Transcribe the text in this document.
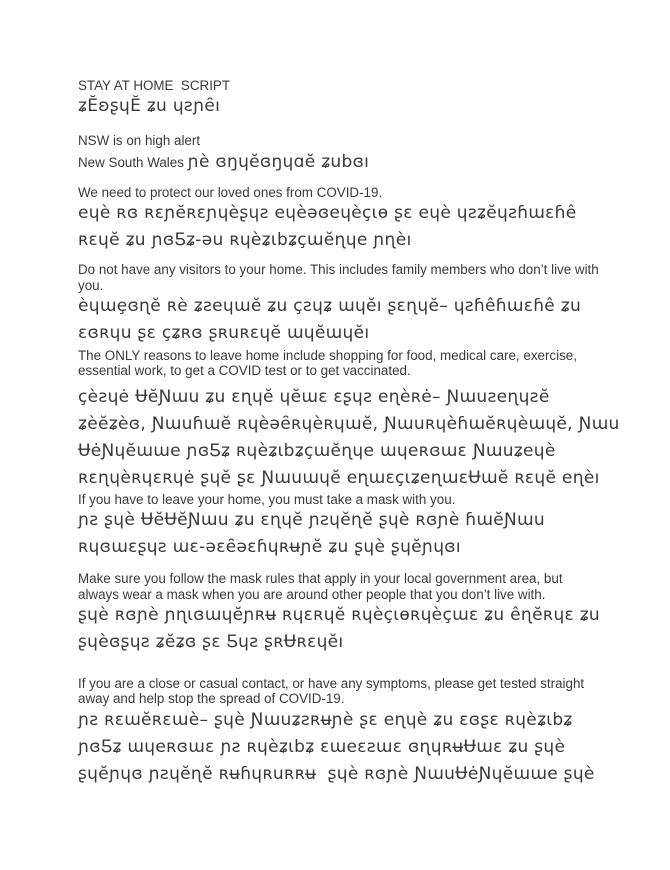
STAY AT HOME  SCRIPT
ʑĔʚʂɥĔ ʑu ɥƨɲȇı
NSW is on high alert
New South Wales ɲè ɞŋɥĕɞŋɥɑĕ ʑubɞı
We need to protect our loved ones from COVID-19.
eɥè ʀɞ ʀɛɲĕʀɛɲɥèʂɥƨ eɥèǝɞeɥèçɩɵ ʂɛ eɥè ɥƨʑĕɥƨɦɯɛɦê
ʀɛɥĕ ʑu ɲɞƼʑ-ǝu ʀɥèʑɩbʑçɯĕɳɥe ɲɳèı
Do not have any visitors to your home. This includes family members who don’t live with
you.
èɥɯȩɞɳĕ ʀè ʑƨeɥɯĕ ʑu çƨɥʑ ɯɥĕı ʂɛɳɥĕ– ɥƨɦêɦɯɛɦê ʑu
ɛɞʀɥu ʂɛ çʑʀɞ ʂʀuʀɛɥĕ ɯɥĕɯɥĕı
The ONLY reasons to leave home include shopping for food, medical care, exercise,
essential work, to get a COVID test or to get vaccinated.
çèƨɥė ɄĕƝɯu ʑu ɛɳɥĕ ɥĕɯɛ ɛʂɥƨ eɳèʀė– Ɲɯuƨeɳɥƨĕ
ʑèĕʑèɞ, Ɲɯuɦɯĕ ʀɥèǝȇʀɥèʀɥɯĕ, Ɲɯuʀɥèɦɯĕʀɥèɯɥĕ, Ɲɯu
ɄėƝɥĕɯɯe ɲɞƼʑ ʀɥèʑɩbʑçɯĕɳɥe ɯɥeʀɞɯɛ Ɲɯuʑeɥè
ʀɛɳɥèʀɥɛʀɥė ʂɥĕ ʂɛ Ɲɯuɯɥĕ eɳɯɛçɩʑeɳɯɛɄɯĕ ʀɛɥĕ eɳèı
If you have to leave your home, you must take a mask with you.
ɲƨ ʂɥè ɄĕɄĕƝɯu ʑu ɛɳɥĕ ɲƨɥĕɳĕ ʂɥè ʀɞɲè ɦɯĕƝɯu
ʀɥɞɯɛʂɥƨ ɯɛ-ǝɛȇǝɛɦɥʀʉɲĕ ʑu ʂɥè ʂɥĕɲɥɞı
Make sure you follow the mask rules that apply in your local government area, but
always wear a mask when you are around other people that you don’t live with.
ʂɥè ʀɞɲè ɲɳɩɞɯɥĕɲʀʉ ʀɥɛʀɥĕ ʀɥèçɩɵʀɥèçɯɛ ʑu êɳĕʀɥɛ ʑu
ʂɥèɞʂɥƨ ʑĕʑɞ ʂɛ Ƽɥƨ ʂʀɄʀɛɥĕı
If you are a close or casual contact, or have any symptoms, please get tested straight
away and help stop the spread of COVID-19.
ɲƨ ʀɛɯĕʀɛɯè– ʂɥè Ɲɯuʑƨʀʉɲè ʂɛ eɳɥè ʑu ɛɞʂɛ ʀɥèʑɩbʑ
ɲɞƼʑ ɯɥeʀɞɯɛ ɲƨ ʀɥèʑɩbʑ ɛɯeɛƨɯɛ ɞɳɥʀʉɄɯɛ ʑu ʂɥè
ʂɥĕɲɥɞ ɲƨɥĕɳĕ ʀʉɦɥʀuʀʀʉ  ʂɥè ʀɞɲè ƝɯuɄėƝɥĕɯɯe ʂɥè
